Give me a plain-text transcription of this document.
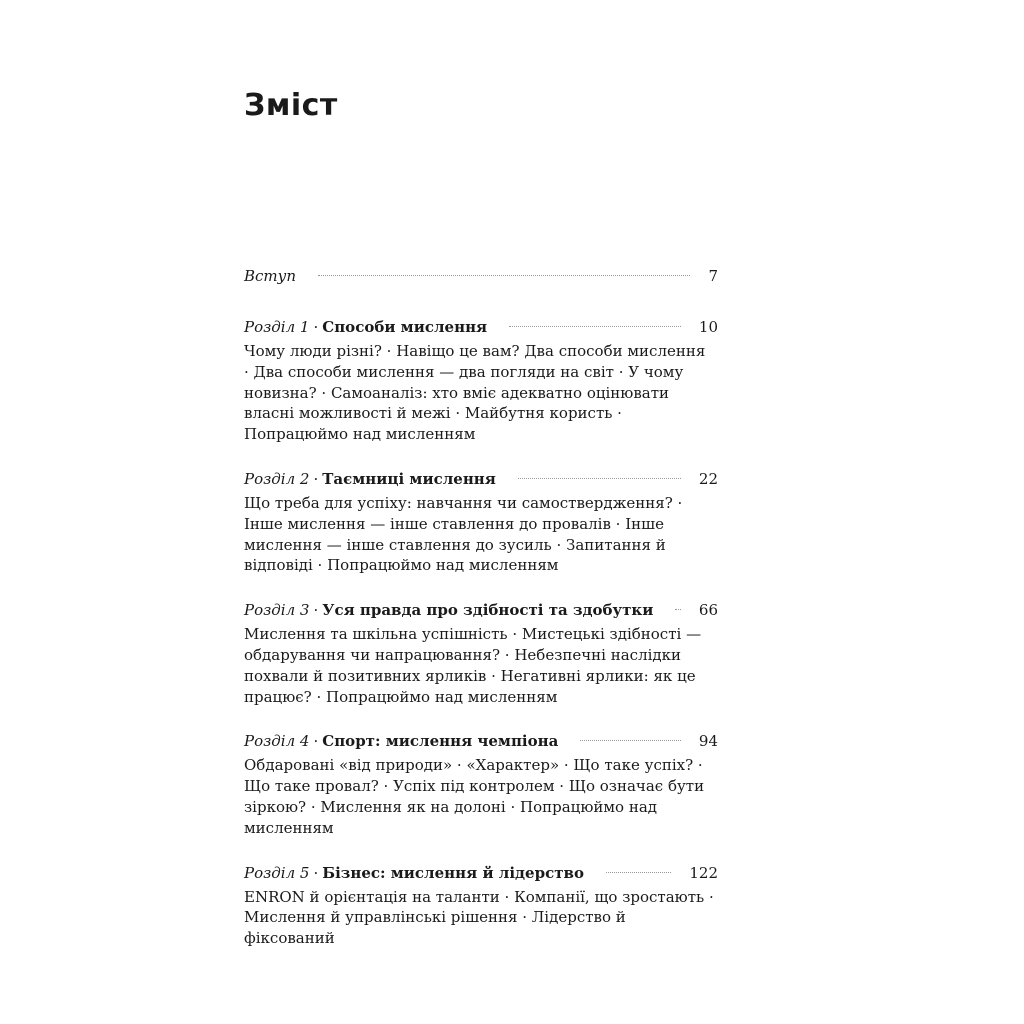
Зміст
Вступ	7
Розділ 1 · Способи мислення	10

Чому люди різні? · Навіщо це вам? Два способи мислення · Два способи мислення — два погляди на світ · У чому новизна? · Самоаналіз: хто вміє адекватно оцінювати власні можливості й межі · Майбутня користь · Попрацюймо над мисленням

Розділ 2 · Таємниці мислення	22

Що треба для успіху: навчання чи самоствердження? · Інше мислення — інше ставлення до провалів · Інше мислення — інше ставлення до зусиль · Запитання й відповіді · Попрацюймо над мисленням

Розділ 3 · Уся правда про здібності та здобутки	66

Мислення та шкільна успішність · Мистецькі здібності — обдарування чи напрацювання? · Небезпечні наслідки похвали й позитивних ярликів · Негативні ярлики: як це працює? · Попрацюймо над мисленням

Розділ 4 · Спорт: мислення чемпіона	94

Обдаровані «від природи» · «Характер» · Що таке успіх? · Що таке провал? · Успіх під контролем · Що означає бути зіркою? · Мислення як на долоні · Попрацюймо над мисленням

Розділ 5 · Бізнес: мислення й лідерство	122

ENRON й орієнтація на таланти · Компанії, що зростають · Мислення й управлінські рішення · Лідерство й фіксований
